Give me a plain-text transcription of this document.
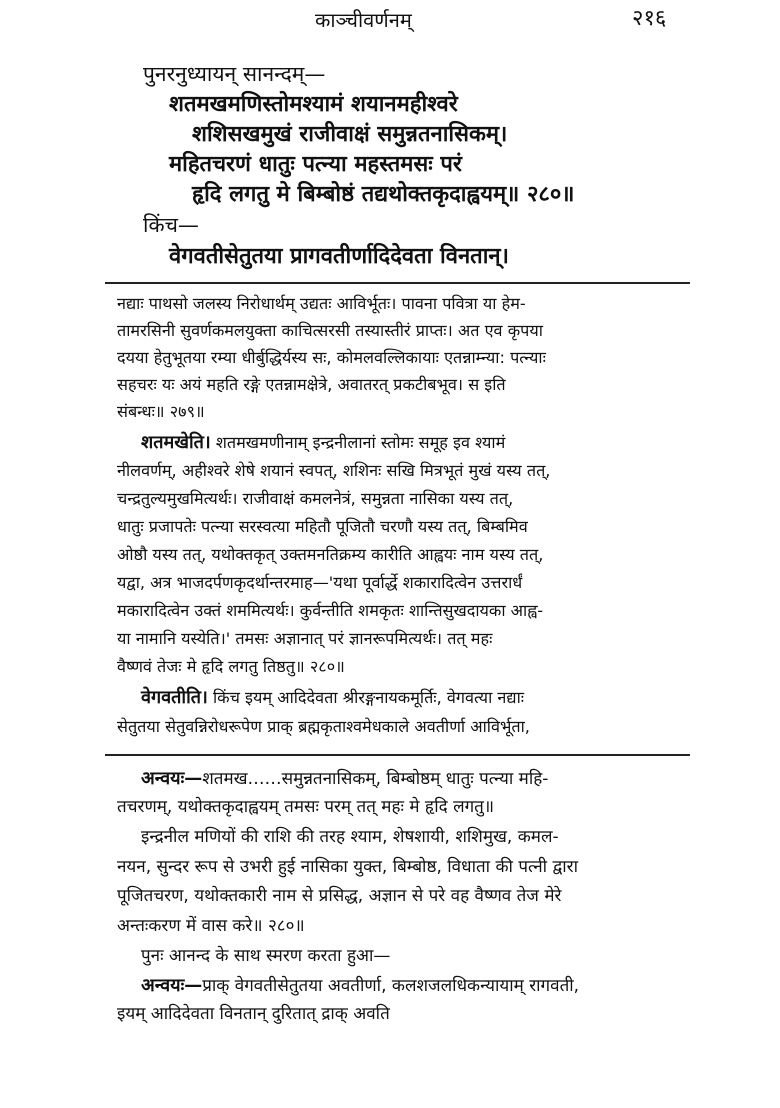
काञ्चीवर्णनम्	२१६
पुनरनुध्यायन् सानन्दम्—
शतमखमणिस्तोमश्यामं शयानमहीश्वरे
शशिसखमुखं राजीवाक्षं समुन्नतनासिकम्।
महितचरणं धातुः पत्न्या महस्तमसः परं
हृदि लगतु मे बिम्बोष्ठं तद्यथोक्तकृदाह्वयम्॥ २८०॥
किंच—
वेगवतीसेतुतया प्रागवतीर्णादिदेवता विनतान्।
नद्याः पाथसो जलस्य निरोधार्थम् उद्यतः आविर्भूतः। पावना पवित्रा या हेम-
तामरसिनी सुवर्णकमलयुक्ता काचित्सरसी तस्यास्तीरं प्राप्तः। अत एव कृपया
दयया हेतुभूतया रम्या धीर्बुद्धिर्यस्य सः, कोमलवल्लिकायाः एतन्नाम्न्या: पत्न्याः
सहचरः यः अयं महति रङ्गे एतन्नामक्षेत्रे, अवातरत् प्रकटीबभूव। स इति
संबन्धः॥ २७९॥
शतमखेति। शतमखमणीनाम् इन्द्रनीलानां स्तोमः समूह इव श्यामं
नीलवर्णम्, अहीश्वरे शेषे शयानं स्वपत्, शशिनः सखि मित्रभूतं मुखं यस्य तत्,
चन्द्रतुल्यमुखमित्यर्थः। राजीवाक्षं कमलनेत्रं, समुन्नता नासिका यस्य तत्,
धातुः प्रजापतेः पत्न्या सरस्वत्या महितौ पूजितौ चरणौ यस्य तत्, बिम्बमिव
ओष्ठौ यस्य तत्, यथोक्तकृत् उक्तमनतिक्रम्य कारीति आह्वयः नाम यस्य तत्,
यद्वा, अत्र भाजदर्पणकृदर्थान्तरमाह—'यथा पूर्वार्द्धे शकारादित्वेन उत्तरार्धं
मकारादित्वेन उक्तं शममित्यर्थः। कुर्वन्तीति शमकृतः शान्तिसुखदायका आह्व-
या नामानि यस्येति।' तमसः अज्ञानात् परं ज्ञानरूपमित्यर्थः। तत् महः
वैष्णवं तेजः मे हृदि लगतु तिष्ठतु॥ २८०॥
वेगवतीति। किंच इयम् आदिदेवता श्रीरङ्गनायकमूर्तिः, वेगवत्या नद्याः
सेतुतया सेतुवन्निरोधरूपेण प्राक् ब्रह्मकृताश्वमेधकाले अवतीर्णा आविर्भूता,
अन्वयः—शतमख‥‥‥समुन्नतनासिकम्, बिम्बोष्ठम् धातुः पत्न्या महि-
तचरणम्, यथोक्तकृदाह्वयम् तमसः परम् तत् महः मे हृदि लगतु॥
इन्द्रनील मणियों की राशि की तरह श्याम, शेषशायी, शशिमुख, कमल-
नयन, सुन्दर रूप से उभरी हुई नासिका युक्त, बिम्बोष्ठ, विधाता की पत्नी द्वारा
पूजितचरण, यथोक्तकारी नाम से प्रसिद्ध, अज्ञान से परे वह वैष्णव तेज मेरे
अन्तःकरण में वास करे॥ २८०॥
पुनः आनन्द के साथ स्मरण करता हुआ—
अन्वयः—प्राक् वेगवतीसेतुतया अवतीर्णा, कलशजलधिकन्यायाम् रागवती,
इयम् आदिदेवता विनतान् दुरितात् द्राक् अवति
